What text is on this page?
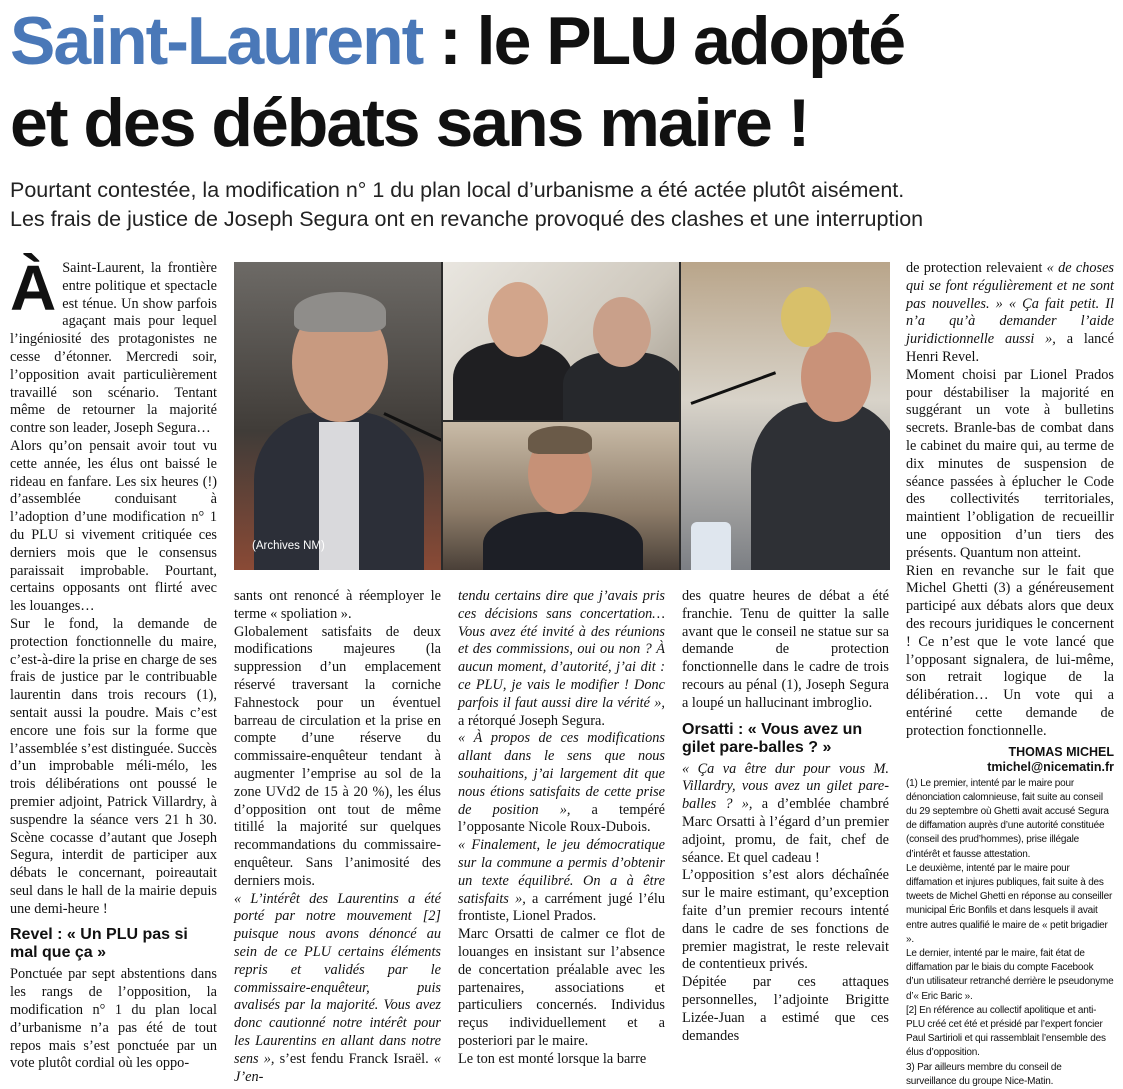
Saint-Laurent : le PLU adopté
et des débats sans maire !
Pourtant contestée, la modification n° 1 du plan local d’urbanisme a été actée plutôt aisément.
Les frais de justice de Joseph Segura ont en revanche provoqué des clashes et une interruption
À Saint-Laurent, la frontière entre politique et spectacle est ténue. Un show parfois agaçant mais pour lequel l’ingéniosité des protagonistes ne cesse d’étonner. Mercredi soir, l’opposition avait particulièrement travaillé son scénario. Tentant même de retourner la majorité contre son leader, Joseph Segura…

Alors qu’on pensait avoir tout vu cette année, les élus ont baissé le rideau en fanfare. Les six heures (!) d’assemblée conduisant à l’adoption d’une modification n° 1 du PLU si vivement critiquée ces derniers mois que le consensus paraissait improbable. Pourtant, certains opposants ont flirté avec les louanges…

Sur le fond, la demande de protection fonctionnelle du maire, c’est-à-dire la prise en charge de ses frais de justice par le contribuable laurentin dans trois recours (1), sentait aussi la poudre. Mais c’est encore une fois sur la forme que l’assemblée s’est distinguée. Succès d’un improbable méli-mélo, les trois délibérations ont poussé le premier adjoint, Patrick Villardry, à suspendre la séance vers 21 h 30. Scène cocasse d’autant que Joseph Segura, interdit de participer aux débats le concernant, poireautait seul dans le hall de la mairie depuis une demi-heure !

Revel : « Un PLU pas si mal que ça »

Ponctuée par sept abstentions dans les rangs de l’opposition, la modification n° 1 du plan local d’urbanisme n’a pas été de tout repos mais s’est ponctuée par un vote plutôt cordial où les oppo-

(Archives NM)

sants ont renoncé à réemployer le terme « spoliation ».

Globalement satisfaits de deux modifications majeures (la suppression d’un emplacement réservé traversant la corniche Fahnestock pour un éventuel barreau de circulation et la prise en compte d’une réserve du commissaire-enquêteur tendant à augmenter l’emprise au sol de la zone UVd2 de 15 à 20 %), les élus d’opposition ont tout de même titillé la majorité sur quelques recommandations du commissaire-enquêteur. Sans l’animosité des derniers mois.

« L’intérêt des Laurentins a été porté par notre mouvement [2] puisque nous avons dénoncé au sein de ce PLU certains éléments repris et validés par le commissaire-enquêteur, puis avalisés par la majorité. Vous avez donc cautionné notre intérêt pour les Laurentins en allant dans notre sens », s’est fendu Franck Israël. « J’en-

tendu certains dire que j’avais pris ces décisions sans concertation… Vous avez été invité à des réunions et des commissions, oui ou non ? À aucun moment, d’autorité, j’ai dit : ce PLU, je vais le modifier ! Donc parfois il faut aussi dire la vérité », a rétorqué Joseph Segura.

« À propos de ces modifications allant dans le sens que nous souhaitions, j’ai largement dit que nous étions satisfaits de cette prise de position », a tempéré l’opposante Nicole Roux-Dubois.

« Finalement, le jeu démocratique sur la commune a permis d’obtenir un texte équilibré. On a à être satisfaits », a carrément jugé l’élu frontiste, Lionel Prados.

Marc Orsatti de calmer ce flot de louanges en insistant sur l’absence de concertation préalable avec les partenaires, associations et particuliers concernés. Individus reçus individuellement et a posteriori par le maire.

Le ton est monté lorsque la barre

des quatre heures de débat a été franchie. Tenu de quitter la salle avant que le conseil ne statue sur sa demande de protection fonctionnelle dans le cadre de trois recours au pénal (1), Joseph Segura a loupé un hallucinant imbroglio.

Orsatti : « Vous avez un gilet pare-balles ? »

« Ça va être dur pour vous M. Villardry, vous avez un gilet pare-balles ? », a d’emblée chambré Marc Orsatti à l’égard d’un premier adjoint, promu, de fait, chef de séance. Et quel cadeau !

L’opposition s’est alors déchaînée sur le maire estimant, qu’exception faite d’un premier recours intenté dans le cadre de ses fonctions de premier magistrat, le reste relevait de contentieux privés.

Dépitée par ces attaques personnelles, l’adjointe Brigitte Lizée-Juan a estimé que ces demandes

de protection relevaient « de choses qui se font régulièrement et ne sont pas nouvelles. » « Ça fait petit. Il n’a qu’à demander l’aide juridictionnelle aussi », a lancé Henri Revel.

Moment choisi par Lionel Prados pour déstabiliser la majorité en suggérant un vote à bulletins secrets. Branle-bas de combat dans le cabinet du maire qui, au terme de dix minutes de suspension de séance passées à éplucher le Code des collectivités territoriales, maintient l’obligation de recueillir une opposition d’un tiers des présents. Quantum non atteint.

Rien en revanche sur le fait que Michel Ghetti (3) a généreusement participé aux débats alors que deux des recours juridiques le concernent ! Ce n’est que le vote lancé que l’opposant signalera, de lui-même, son retrait logique de la délibération… Un vote qui a entériné cette demande de protection fonctionnelle.

THOMAS MICHEL
tmichel@nicematin.fr

(1) Le premier, intenté par le maire pour dénonciation calomnieuse, fait suite au conseil du 29 septembre où Ghetti avait accusé Segura de diffamation auprès d’une autorité constituée (conseil des prud’hommes), prise illégale d’intérêt et fausse attestation.

Le deuxième, intenté par le maire pour diffamation et injures publiques, fait suite à des tweets de Michel Ghetti en réponse au conseiller municipal Éric Bonfils et dans lesquels il avait entre autres qualifié le maire de « petit brigadier ».

Le dernier, intenté par le maire, fait état de diffamation par le biais du compte Facebook d’un utilisateur retranché derrière le pseudonyme d’« Eric Baric ».

[2] En référence au collectif apolitique et anti-PLU créé cet été et présidé par l’expert foncier Paul Sartirioli et qui rassemblait l’ensemble des élus d’opposition.

3) Par ailleurs membre du conseil de surveillance du groupe Nice-Matin.
